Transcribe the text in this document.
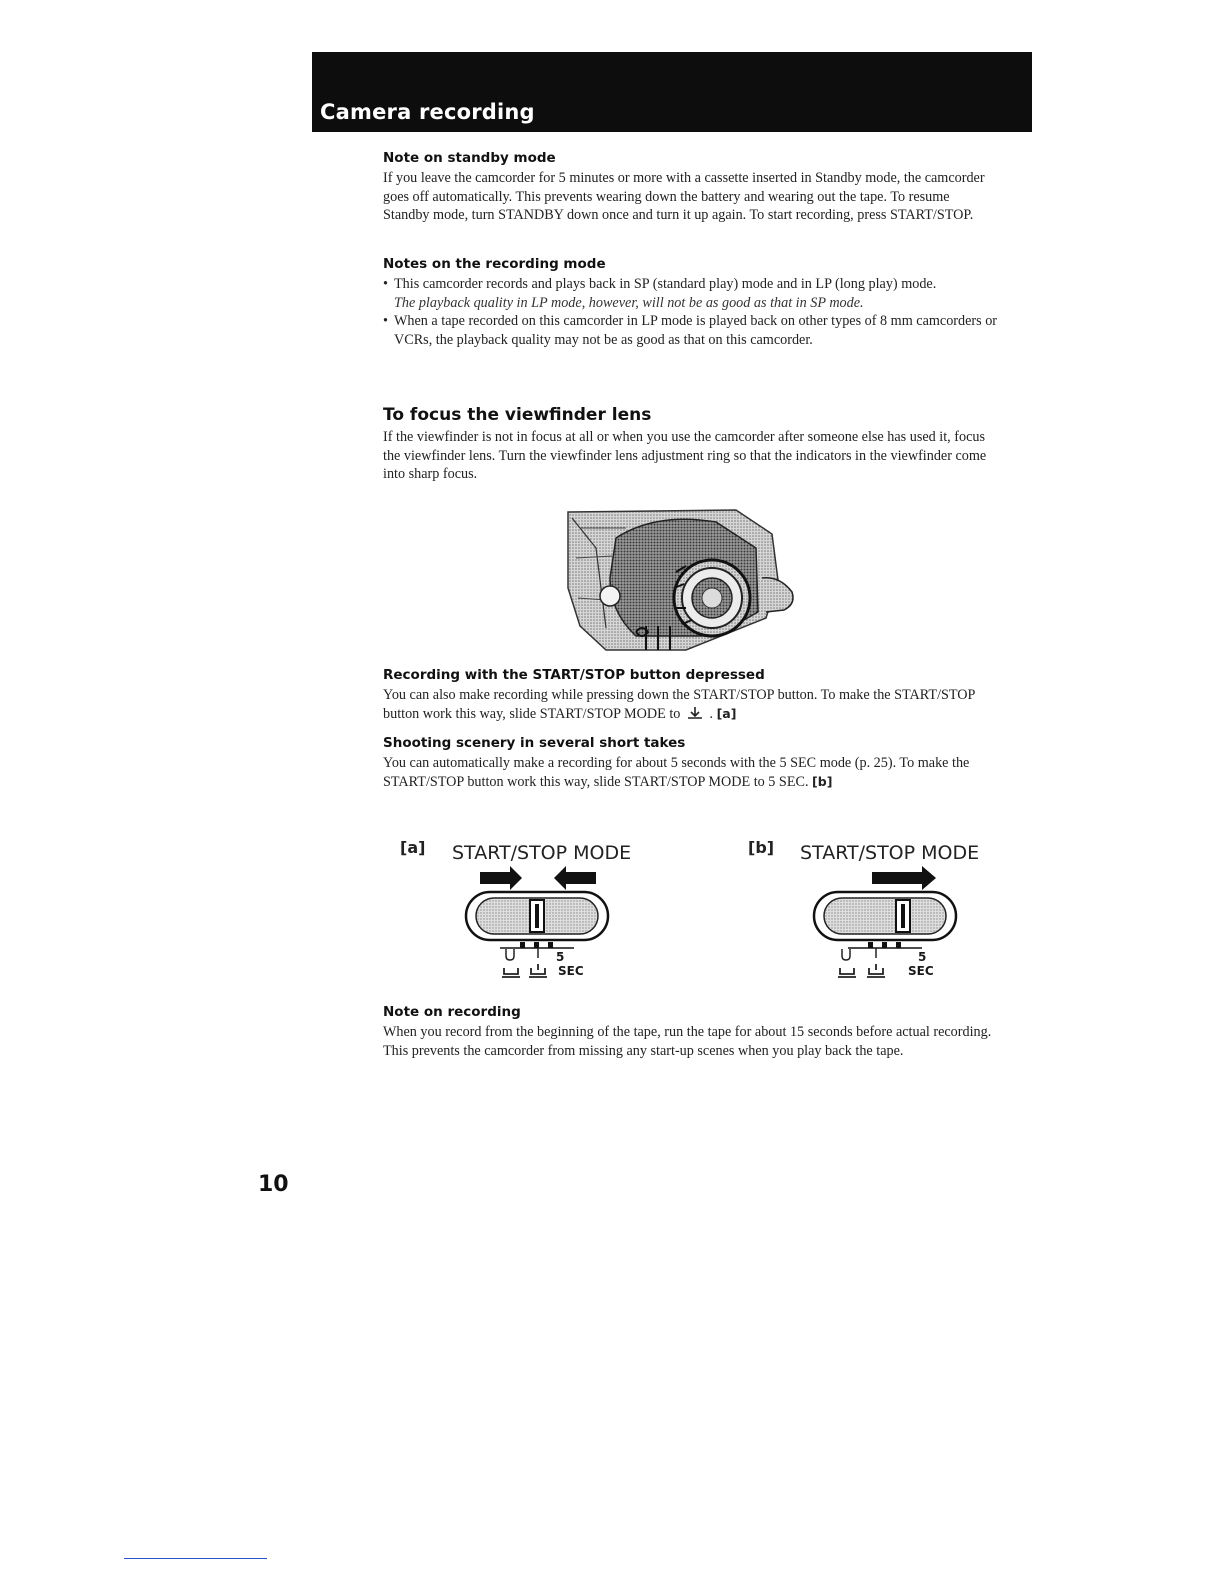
Camera recording
Note on standby mode

If you leave the camcorder for 5 minutes or more with a cassette inserted in Standby mode, the camcorder goes off automatically. This prevents wearing down the battery and wearing out the tape. To resume Standby mode, turn STANDBY down once and turn it up again. To start recording, press START/STOP.

Notes on the recording mode
• This camcorder records and plays back in SP (standard play) mode and in LP (long play) mode.
The playback quality in LP mode, however, will not be as good as that in SP mode.
• When a tape recorded on this camcorder in LP mode is played back on other types of 8 mm camcorders or VCRs, the playback quality may not be as good as that on this camcorder.
To focus the viewfinder lens

If the viewfinder is not in focus at all or when you use the camcorder after someone else has used it, focus the viewfinder lens. Turn the viewfinder lens adjustment ring so that the indicators in the viewfinder come into sharp focus.

Recording with the START/STOP button depressed

You can also make recording while pressing down the START/STOP button. To make the START/STOP button work this way, slide START/STOP MODE to . [a]

Shooting scenery in several short takes

You can automatically make a recording for about 5 seconds with the 5 SEC mode (p. 25). To make the START/STOP button work this way, slide START/STOP MODE to 5 SEC. [b]

[a] START/STOP MODE
5
SEC
[b] START/STOP MODE
5
SEC
Note on recording

When you record from the beginning of the tape, run the tape for about 15 seconds before actual recording. This prevents the camcorder from missing any start-up scenes when you play back the tape.

10
